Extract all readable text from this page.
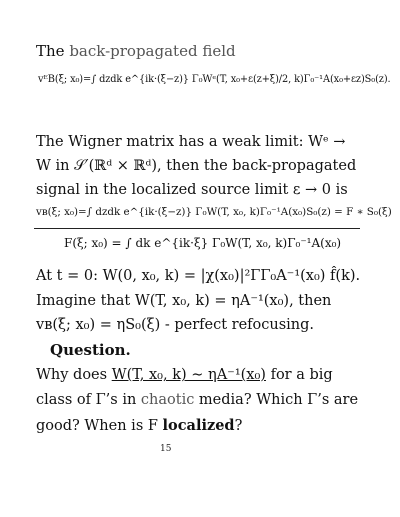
The back-propagated field
vᴱB(ξ; x₀)=∫ dzdk e^{ik·(ξ−z)} Γ₀Wᵉ(T, x₀+ε(z+ξ)/2, k)Γ₀⁻¹A(x₀+εz)S₀(z).
The Wigner matrix has a weak limit: Wᵉ →
W in 𝒮′(ℝᵈ × ℝᵈ), then the back-propagated
signal in the localized source limit ε → 0 is
vʙ(ξ; x₀)=∫ dzdk e^{ik·(ξ−z)} Γ₀W(T, x₀, k)Γ₀⁻¹A(x₀)S₀(z) = F ∗ S₀(ξ)
F(ξ; x₀) = ∫ dk e^{ik·ξ} Γ₀W(T, x₀, k)Γ₀⁻¹A(x₀)
At t = 0: W(0, x₀, k) = |χ(x₀)|²ΓΓ₀A⁻¹(x₀) f̂(k).
Imagine that W(T, x₀, k) = ηA⁻¹(x₀), then
vʙ(ξ; x₀) = ηS₀(ξ) - perfect refocusing.
Question.
Why does W(T, x₀, k) ∼ ηA⁻¹(x₀) for a big
class of Γ’s in chaotic media? Which Γ’s are
good? When is F localized?
15
